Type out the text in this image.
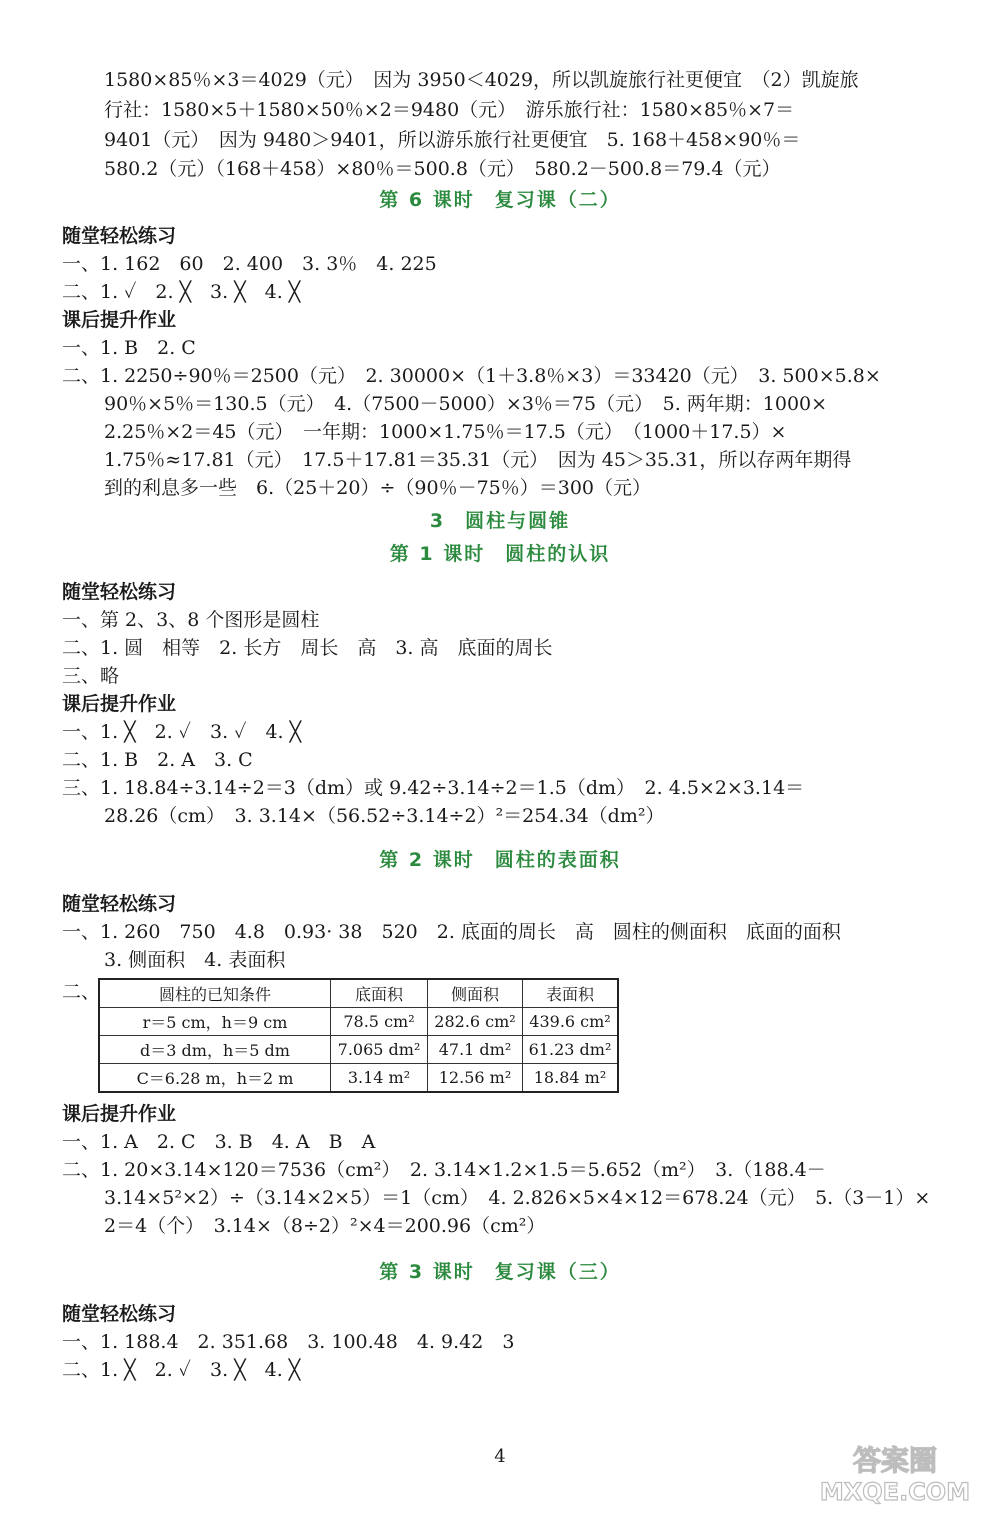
1580×85％×3＝4029（元）　因为 3950＜4029，所以凯旋旅行社更便宜　（2）凯旋旅
行社：1580×5＋1580×50％×2＝9480（元）　游乐旅行社：1580×85％×7＝
9401（元）　因为 9480＞9401，所以游乐旅行社更便宜　5. 168＋458×90％＝
580.2（元）（168＋458）×80％＝500.8（元）　580.2－500.8＝79.4（元）
第 6 课时 复习课（二）
随堂轻松练习
一、1. 162　60　2. 400　3. 3％　4. 225
二、1. ✓　2. ╳　3. ╳　4. ╳
课后提升作业
一、1. B　2. C
二、1. 2250÷90％＝2500（元）　2. 30000×（1＋3.8％×3）＝33420（元）　3. 500×5.8×
90％×5％＝130.5（元）　4.（7500－5000）×3％＝75（元）　5. 两年期：1000×
2.25％×2＝45（元）　一年期：1000×1.75％＝17.5（元）　（1000＋17.5）×
1.75％≈17.81（元）　17.5＋17.81＝35.31（元）　因为 45＞35.31，所以存两年期得
到的利息多一些　6.（25＋20）÷（90％－75％）＝300（元）
3 圆柱与圆锥
第 1 课时 圆柱的认识
随堂轻松练习
一、第 2、3、8 个图形是圆柱
二、1. 圆　相等　2. 长方　周长　高　3. 高　底面的周长
三、略
课后提升作业
一、1. ╳　2. ✓　3. ✓　4. ╳
二、1. B　2. A　3. C
三、1. 18.84÷3.14÷2＝3（dm）或 9.42÷3.14÷2＝1.5（dm）　2. 4.5×2×3.14＝
28.26（cm）　3. 3.14×（56.52÷3.14÷2）²＝254.34（dm²）
第 2 课时 圆柱的表面积
随堂轻松练习
一、1. 260　750　4.8　0.93· 38　520　2. 底面的周长　高　圆柱的侧面积　底面的面积
3. 侧面积　4. 表面积
二、	圆柱的已知条件	底面积	侧面积	表面积
r＝5 cm，h＝9 cm	78.5 cm²	282.6 cm²	439.6 cm²
d＝3 dm，h＝5 dm	7.065 dm²	47.1 dm²	61.23 dm²
C＝6.28 m，h＝2 m	3.14 m²	12.56 m²	18.84 m²
课后提升作业
一、1. A　2. C　3. B　4. A　B　A
二、1. 20×3.14×120＝7536（cm²）　2. 3.14×1.2×1.5＝5.652（m²）　3.（188.4－
3.14×5²×2）÷（3.14×2×5）＝1（cm）　4. 2.826×5×4×12＝678.24（元）　5.（3－1）×
2＝4（个）　3.14×（8÷2）²×4＝200.96（cm²）
第 3 课时 复习课（三）
随堂轻松练习
一、1. 188.4　2. 351.68　3. 100.48　4. 9.42　3
二、1. ╳　2. ✓　3. ╳　4. ╳
4	答案圈
MXQE.COM
